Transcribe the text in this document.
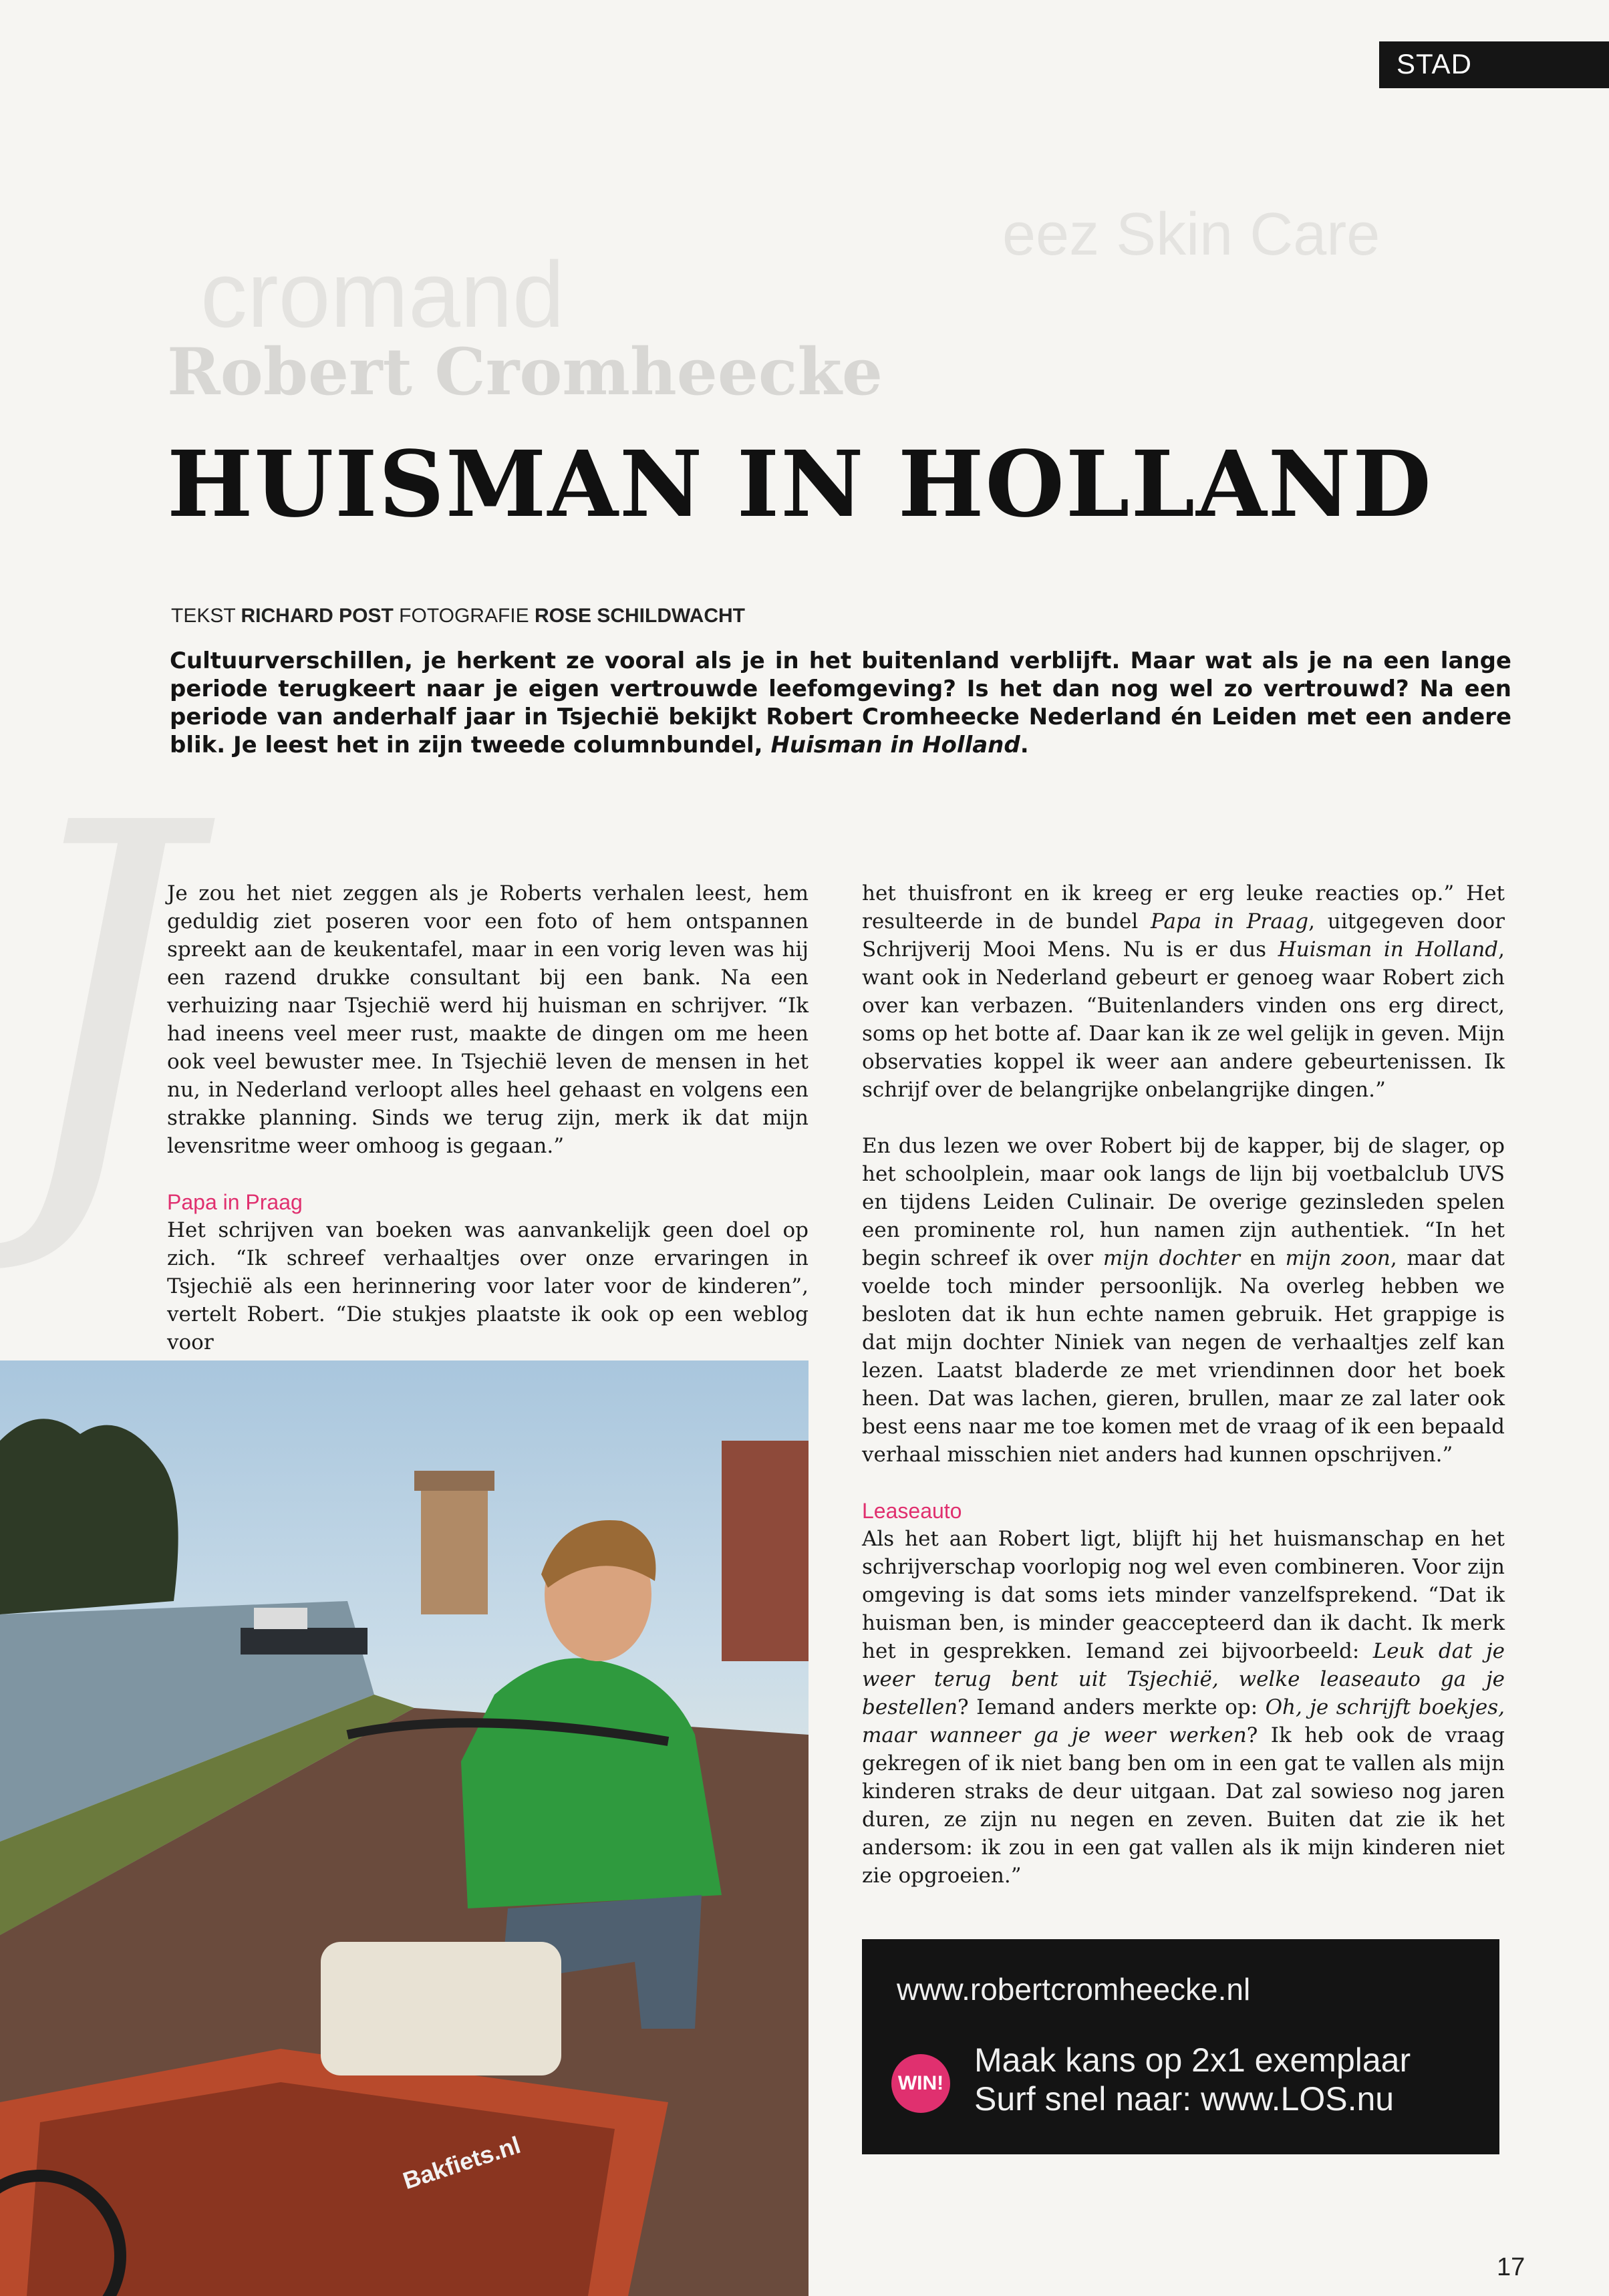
eez Skin Care
cromand
STAD
Robert Cromheecke
HUISMAN IN HOLLAND
TEKST RICHARD POST FOTOGRAFIE ROSE SCHILDWACHT
Cultuurverschillen, je herkent ze vooral als je in het buitenland verblijft. Maar wat als je na een lange periode terugkeert naar je eigen vertrouwde leefomgeving? Is het dan nog wel zo vertrouwd? Na een periode van anderhalf jaar in Tsjechië bekijkt Robert Cromheecke Nederland én Leiden met een andere blik. Je leest het in zijn tweede columnbundel, Huisman in Holland.
J

Je zou het niet zeggen als je Roberts verhalen leest, hem geduldig ziet poseren voor een foto of hem ontspannen spreekt aan de keukentafel, maar in een vorig leven was hij een razend drukke consultant bij een bank. Na een verhuizing naar Tsjechië werd hij huisman en schrijver. “Ik had ineens veel meer rust, maakte de dingen om me heen ook veel bewuster mee. In Tsjechië leven de mensen in het nu, in Nederland verloopt alles heel gehaast en volgens een strakke planning. Sinds we terug zijn, merk ik dat mijn levensritme weer omhoog is gegaan.”

Papa in Praag

Het schrijven van boeken was aanvankelijk geen doel op zich. “Ik schreef verhaaltjes over onze ervaringen in Tsjechië als een herinnering voor later voor de kinderen”, vertelt Robert. “Die stukjes plaatste ik ook op een weblog voor

het thuisfront en ik kreeg er erg leuke reacties op.” Het resulteerde in de bundel Papa in Praag, uitgegeven door Schrijverij Mooi Mens. Nu is er dus Huisman in Holland, want ook in Nederland gebeurt er genoeg waar Robert zich over kan verbazen. “Buitenlanders vinden ons erg direct, soms op het botte af. Daar kan ik ze wel gelijk in geven. Mijn observaties koppel ik weer aan andere gebeurtenissen. Ik schrijf over de belangrijke onbelangrijke dingen.”

En dus lezen we over Robert bij de kapper, bij de slager, op het schoolplein, maar ook langs de lijn bij voetbalclub UVS en tijdens Leiden Culinair. De overige gezinsleden spelen een prominente rol, hun namen zijn authentiek. “In het begin schreef ik over mijn dochter en mijn zoon, maar dat voelde toch minder persoonlijk. Na overleg hebben we besloten dat ik hun echte namen gebruik. Het grappige is dat mijn dochter Niniek van negen de verhaaltjes zelf kan lezen. Laatst bladerde ze met vriendinnen door het boek heen. Dat was lachen, gieren, brullen, maar ze zal later ook best eens naar me toe komen met de vraag of ik een bepaald verhaal misschien niet anders had kunnen opschrijven.”

Leaseauto

Als het aan Robert ligt, blijft hij het huismanschap en het schrijverschap voorlopig nog wel even combineren. Voor zijn omgeving is dat soms iets minder vanzelfsprekend. “Dat ik huisman ben, is minder geaccepteerd dan ik dacht. Ik merk het in gesprekken. Iemand zei bijvoorbeeld: Leuk dat je weer terug bent uit Tsjechië, welke leaseauto ga je bestellen? Iemand anders merkte op: Oh, je schrijft boekjes, maar wanneer ga je weer werken? Ik heb ook de vraag gekregen of ik niet bang ben om in een gat te vallen als mijn kinderen straks de deur uitgaan. Dat zal sowieso nog jaren duren, ze zijn nu negen en zeven. Buiten dat zie ik het andersom: ik zou in een gat vallen als ik mijn kinderen niet zie opgroeien.”

Bakfiets.nl
www.robertcromheecke.nl
WIN!
Maak kans op 2x1 exemplaar
Surf snel naar: www.LOS.nu
17
